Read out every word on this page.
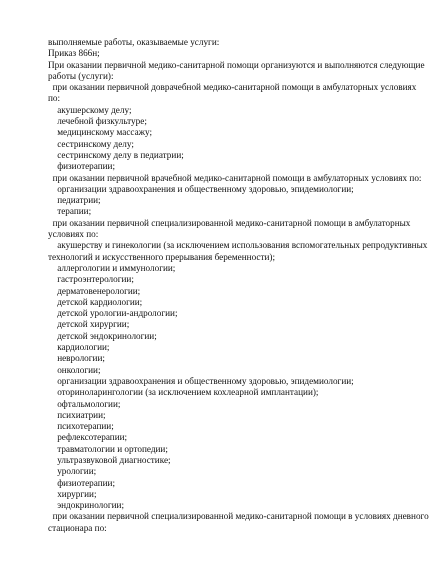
выполняемые работы, оказываемые услуги:
Приказ 866н;
При оказании первичной медико-санитарной помощи организуются и выполняются следующие
работы (услуги):
при оказании первичной доврачебной медико-санитарной помощи в амбулаторных условиях
по:
акушерскому делу;
лечебной физкультуре;
медицинскому массажу;
сестринскому делу;
сестринскому делу в педиатрии;
физиотерапии;
при оказании первичной врачебной медико-санитарной помощи в амбулаторных условиях по:
организации здравоохранения и общественному здоровью, эпидемиологии;
педиатрии;
терапии;
при оказании первичной специализированной медико-санитарной помощи в амбулаторных
условиях по:
акушерству и гинекологии (за исключением использования вспомогательных репродуктивных
технологий и искусственного прерывания беременности);
аллергологии и иммунологии;
гастроэнтерологии;
дерматовенерологии;
детской кардиологии;
детской урологии-андрологии;
детской хирургии;
детской эндокринологии;
кардиологии;
неврологии;
онкологии;
организации здравоохранения и общественному здоровью, эпидемиологии;
оториноларингологии (за исключением кохлеарной имплантации);
офтальмологии;
психиатрии;
психотерапии;
рефлексотерапии;
травматологии и ортопедии;
ультразвуковой диагностике;
урологии;
физиотерапии;
хирургии;
эндокринологии;
при оказании первичной специализированной медико-санитарной помощи в условиях дневного
стационара по:
